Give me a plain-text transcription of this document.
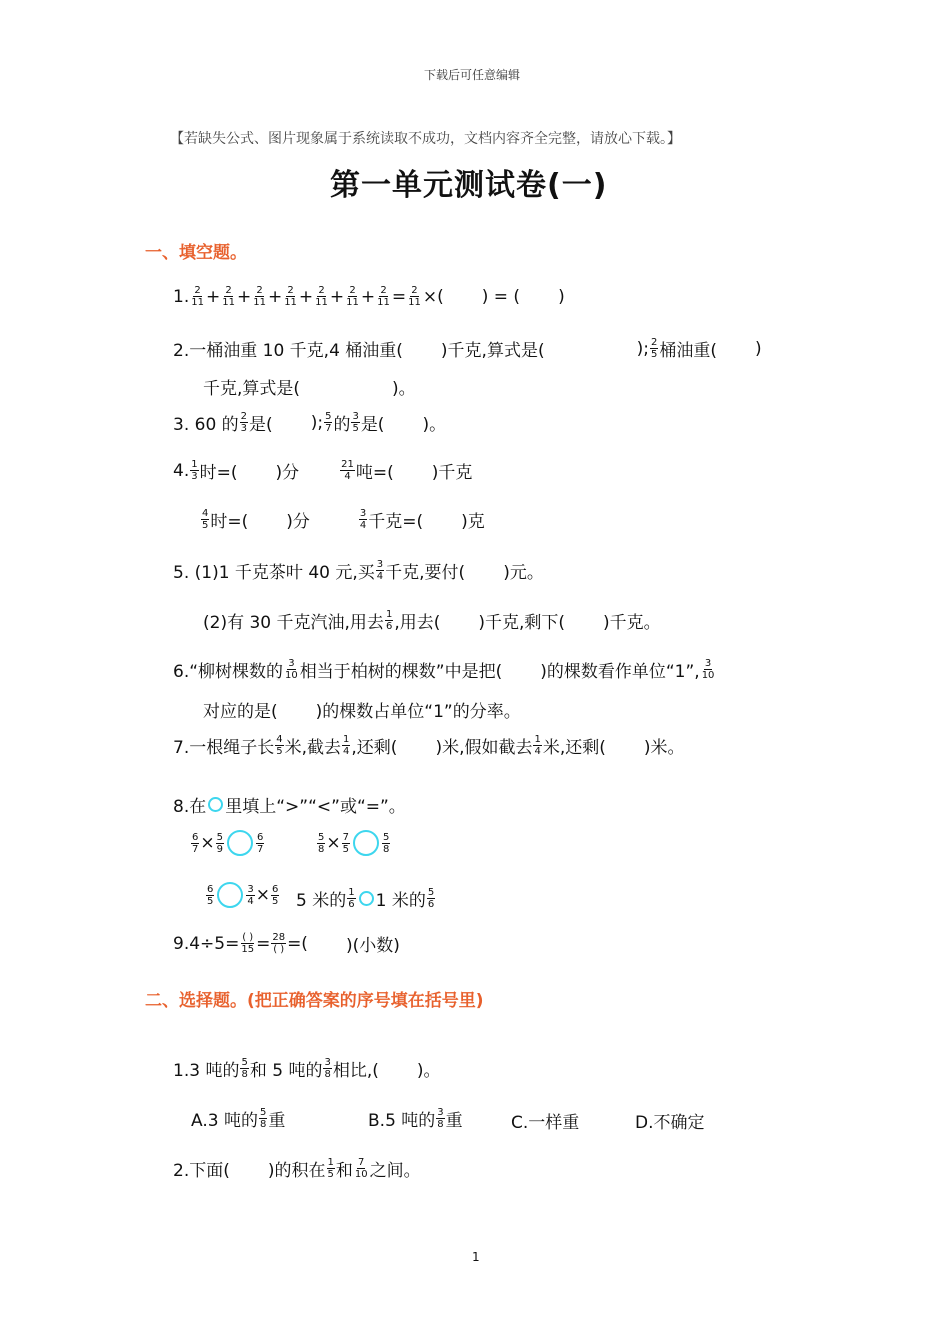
下载后可任意编辑
【若缺失公式、图片现象属于系统读取不成功，文档内容齐全完整，请放心下载。】
第一单元测试卷(一)
一、填空题。
1. $\frac{2}{11} + \frac{2}{11} + \frac{2}{11} + \frac{2}{11} + \frac{2}{11} + \frac{2}{11} + \frac{2}{11} = \frac{2}{11}$ ×( ) = ( )
2.一桶油重 10 千克,4 桶油重( )千克,算式是(	); $\frac{2}{5}$ 桶油重( )
千克,算式是(	)。
3. 60 的 $\frac{2}{3}$ 是( ); $\frac{5}{7}$ 的 $\frac{3}{5}$ 是( )。
4. $\frac{1}{3}$ 时=( )分	$\frac{21}{4}$ 吨=( )千克
$\frac{4}{5}$ 时=( )分	$\frac{3}{4}$ 千克=( )克
5. (1)1 千克茶叶 40 元,买 $\frac{3}{4}$ 千克,要付( )元。
(2)有 30 千克汽油,用去 $\frac{1}{6}$ ,用去( )千克,剩下( )千克。
6.“柳树棵数的 $\frac{3}{10}$ 相当于柏树的棵数”中是把( )的棵数看作单位“1”, $\frac{3}{10}$
对应的是( )的棵数占单位“1”的分率。
7.一根绳子长 $\frac{4}{5}$ 米,截去 $\frac{1}{4}$ ,还剩( )米,假如截去 $\frac{1}{4}$ 米,还剩( )米。
8.在 里填上“>”“<”或“=”。
$\frac{6}{7} \times \frac{5}{9}$	$\frac{6}{7}$	$\frac{5}{8} \times \frac{7}{5}$	$\frac{5}{8}$
$\frac{6}{5}$	$\frac{3}{4} \times \frac{6}{5} 5$ 米的 $\frac{1}{6} 1$ 米的 $\frac{5}{6}$
$9.4\div 5= \frac{( )}{15} = \frac{28}{( )}$ =( )(小数)
二、选择题。(把正确答案的序号填在括号里)
1.3 吨的 $\frac{5}{8}$ 和 5 吨的 $\frac{3}{8}$ 相比,( )。
A.3 吨的 $\frac{5}{8}$ 重	B.5 吨的 $\frac{3}{8}$ 重	C.一样重	D.不确定
2.下面( )的积在 $\frac{1}{5}$ 和 $\frac{7}{10}$ 之间。
1
